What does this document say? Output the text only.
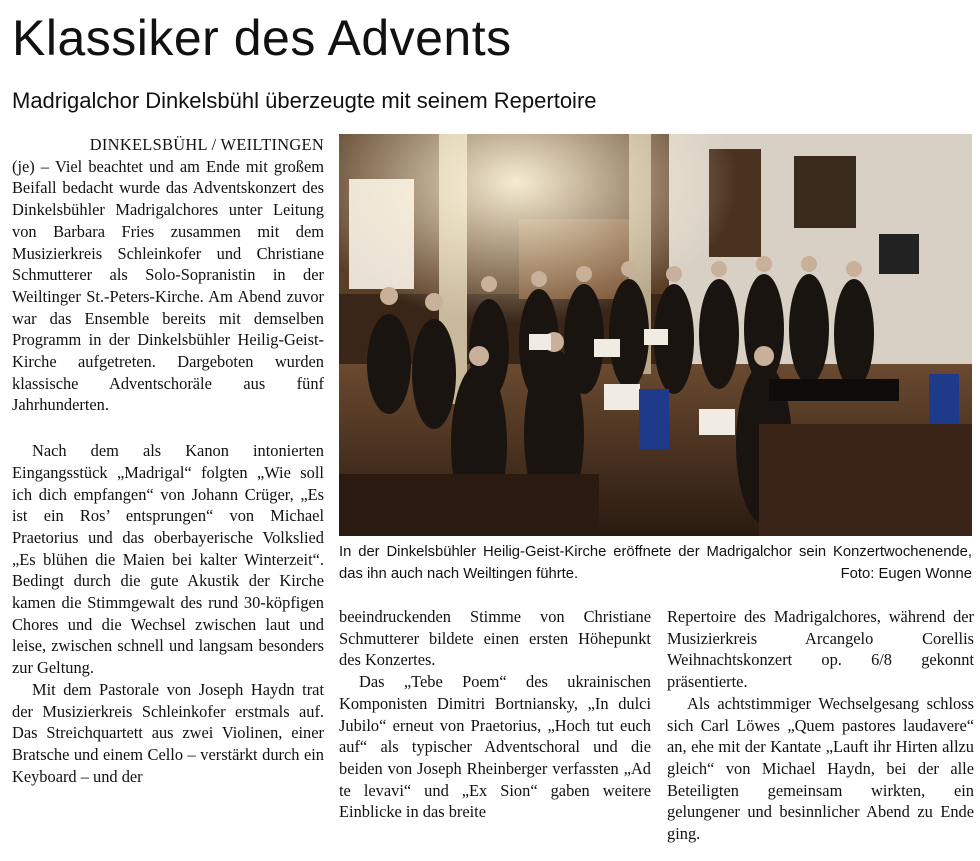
Klassiker des Advents
Madrigalchor Dinkelsbühl überzeugte mit seinem Repertoire

DINKELSBÜHL / WEILTINGEN
(je) – Viel beachtet und am Ende mit großem Beifall bedacht wurde das Adventskonzert des Dinkelsbühler Madrigalchores unter Leitung von Barbara Fries zusammen mit dem Musizierkreis Schleinkofer und Christiane Schmutterer als Solo-Sopranistin in der Weiltinger St.-Peters-Kirche. Am Abend zuvor war das Ensemble bereits mit demselben Programm in der Dinkelsbühler Heilig-Geist-Kirche aufgetreten. Dargeboten wurden klassische Adventschoräle aus fünf Jahrhunderten.

Nach dem als Kanon intonierten Eingangsstück „Madrigal“ folgten „Wie soll ich dich empfangen“ von Johann Crüger, „Es ist ein Ros’ entsprungen“ von Michael Praetorius und das oberbayerische Volkslied „Es blühen die Maien bei kalter Winterzeit“. Bedingt durch die gute Akustik der Kirche kamen die Stimmgewalt des rund 30-köpfigen Chores und die Wechsel zwischen laut und leise, zwischen schnell und langsam besonders zur Geltung.

Mit dem Pastorale von Joseph Haydn trat der Musizierkreis Schleinkofer erstmals auf. Das Streichquartett aus zwei Violinen, einer Bratsche und einem Cello – verstärkt durch ein Keyboard – und der

In der Dinkelsbühler Heilig-Geist-Kirche eröffnete der Madrigalchor sein Konzertwochenende, das ihn auch nach Weiltingen führte.	Foto: Eugen Wonne

beeindruckenden Stimme von Christiane Schmutterer bildete einen ersten Höhepunkt des Konzertes.

Das „Tebe Poem“ des ukrainischen Komponisten Dimitri Bortniansky, „In dulci Jubilo“ erneut von Praetorius, „Hoch tut euch auf“ als typischer Adventschoral und die beiden von Joseph Rheinberger verfassten „Ad te levavi“ und „Ex Sion“ gaben weitere Einblicke in das breite

Repertoire des Madrigalchores, während der Musizierkreis Arcangelo Corellis Weihnachtskonzert op. 6/8 gekonnt präsentierte.

Als achtstimmiger Wechselgesang schloss sich Carl Löwes „Quem pastores laudavere“ an, ehe mit der Kantate „Lauft ihr Hirten allzu gleich“ von Michael Haydn, bei der alle Beteiligten gemeinsam wirkten, ein gelungener und besinnlicher Abend zu Ende ging.
